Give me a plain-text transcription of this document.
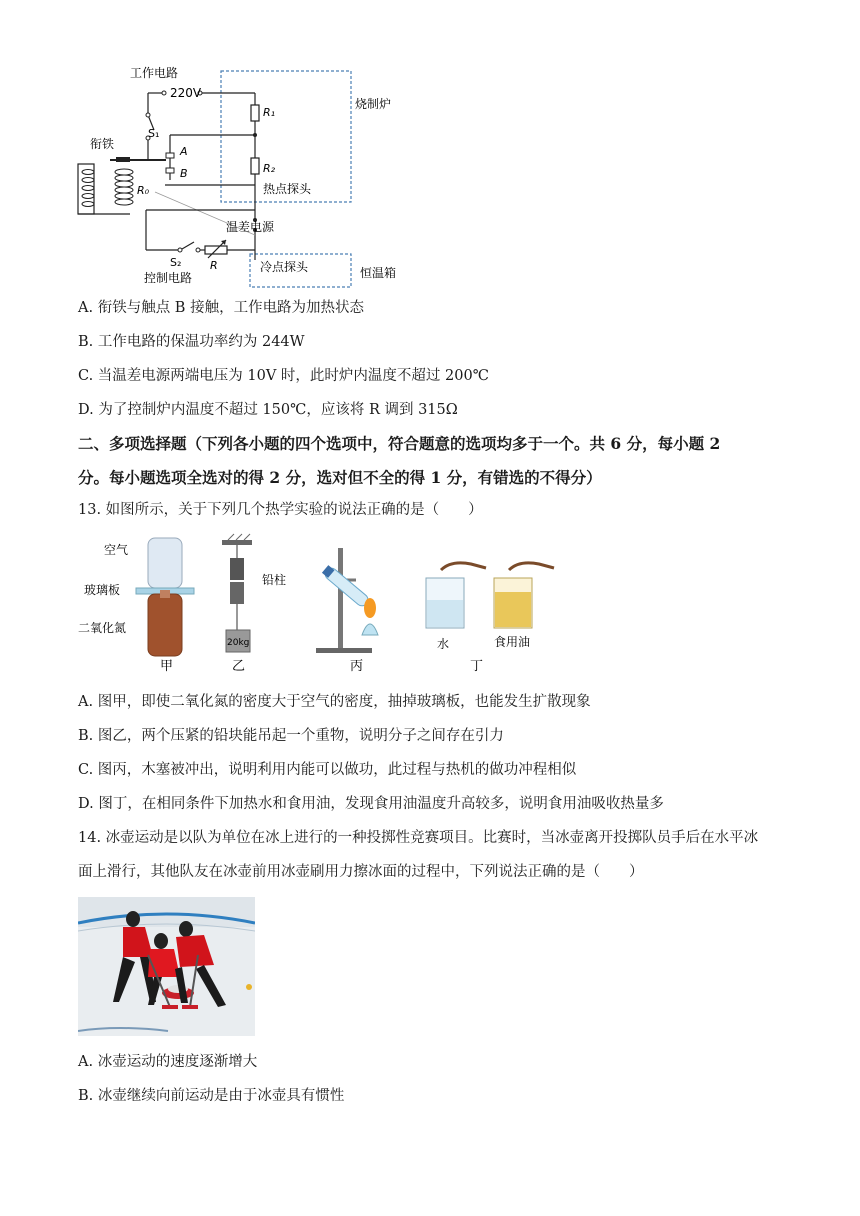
工作电路
220V
烧制炉
衔铁
S₁
A
B
R₀
R₁
R₂
热点探头
温差电源
S₂	R
控制电路
冷点探头	恒温箱
A. 衔铁与触点 B 接触，工作电路为加热状态
B. 工作电路的保温功率约为 244W
C. 当温差电源两端电压为 10V 时，此时炉内温度不超过 200℃
D. 为了控制炉内温度不超过 150℃，应该将 R 调到 315Ω
二、多项选择题（下列各小题的四个选项中，符合题意的选项均多于一个。共 6 分，每小题 2
分。每小题选项全选对的得 2 分，选对但不全的得 1 分，有错选的不得分）
13. 如图所示，关于下列几个热学实验的说法正确的是（　　）
空气
玻璃板
二氧化氮
甲
20kg
铅柱
乙	丙
水	食用油
丁
A. 图甲，即使二氧化氮的密度大于空气的密度，抽掉玻璃板，也能发生扩散现象
B. 图乙，两个压紧的铅块能吊起一个重物，说明分子之间存在引力
C. 图丙，木塞被冲出，说明利用内能可以做功，此过程与热机的做功冲程相似
D. 图丁，在相同条件下加热水和食用油，发现食用油温度升高较多，说明食用油吸收热量多
14. 冰壶运动是以队为单位在冰上进行的一种投掷性竞赛项目。比赛时，当冰壶离开投掷队员手后在水平冰
面上滑行，其他队友在冰壶前用冰壶刷用力擦冰面的过程中，下列说法正确的是（　　）
A. 冰壶运动的速度逐渐增大
B. 冰壶继续向前运动是由于冰壶具有惯性
